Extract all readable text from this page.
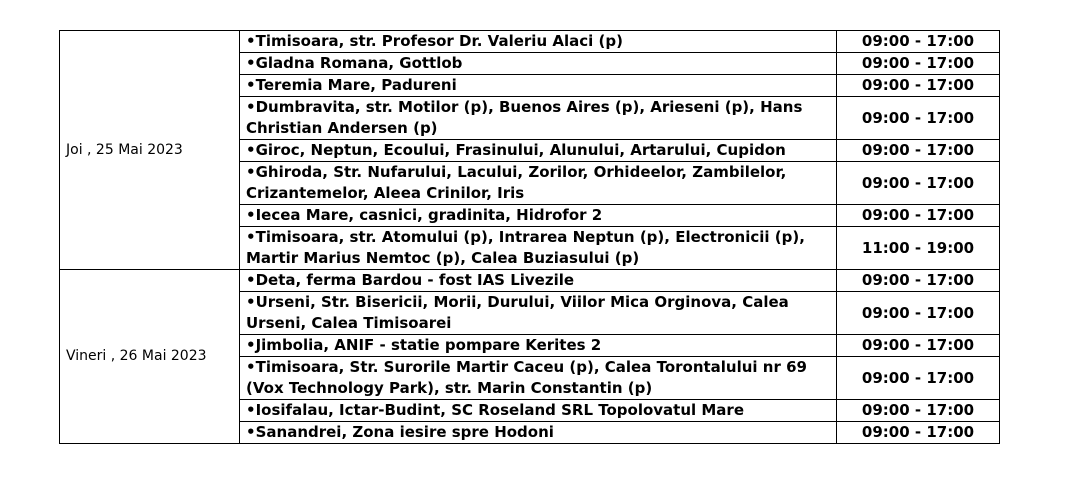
Joi , 25 Mai 2023	•Timisoara, str. Profesor Dr. Valeriu Alaci (p)	09:00 - 17:00
	•Gladna Romana, Gottlob	09:00 - 17:00
	•Teremia Mare, Padureni	09:00 - 17:00
	•Dumbravita, str. Motilor (p), Buenos Aires (p), Arieseni (p), Hans Christian Andersen (p)	09:00 - 17:00
	•Giroc, Neptun, Ecoului, Frasinului, Alunului, Artarului, Cupidon	09:00 - 17:00
	•Ghiroda, Str. Nufarului, Lacului, Zorilor, Orhideelor, Zambilelor, Crizantemelor, Aleea Crinilor, Iris	09:00 - 17:00
	•Iecea Mare, casnici, gradinita, Hidrofor 2	09:00 - 17:00
	•Timisoara, str. Atomului (p), Intrarea Neptun (p), Electronicii (p), Martir Marius Nemtoc (p), Calea Buziasului (p)	11:00 - 19:00
Vineri , 26 Mai 2023	•Deta, ferma Bardou - fost IAS Livezile	09:00 - 17:00
	•Urseni, Str. Bisericii, Morii, Durului, Viilor Mica Orginova, Calea Urseni, Calea Timisoarei	09:00 - 17:00
	•Jimbolia, ANIF - statie pompare Kerites 2	09:00 - 17:00
	•Timisoara, Str. Surorile Martir Caceu (p), Calea Torontalului nr 69 (Vox Technology Park), str. Marin Constantin (p)	09:00 - 17:00
	•Iosifalau, Ictar-Budint, SC Roseland SRL Topolovatul Mare	09:00 - 17:00
	•Sanandrei, Zona iesire spre Hodoni	09:00 - 17:00
